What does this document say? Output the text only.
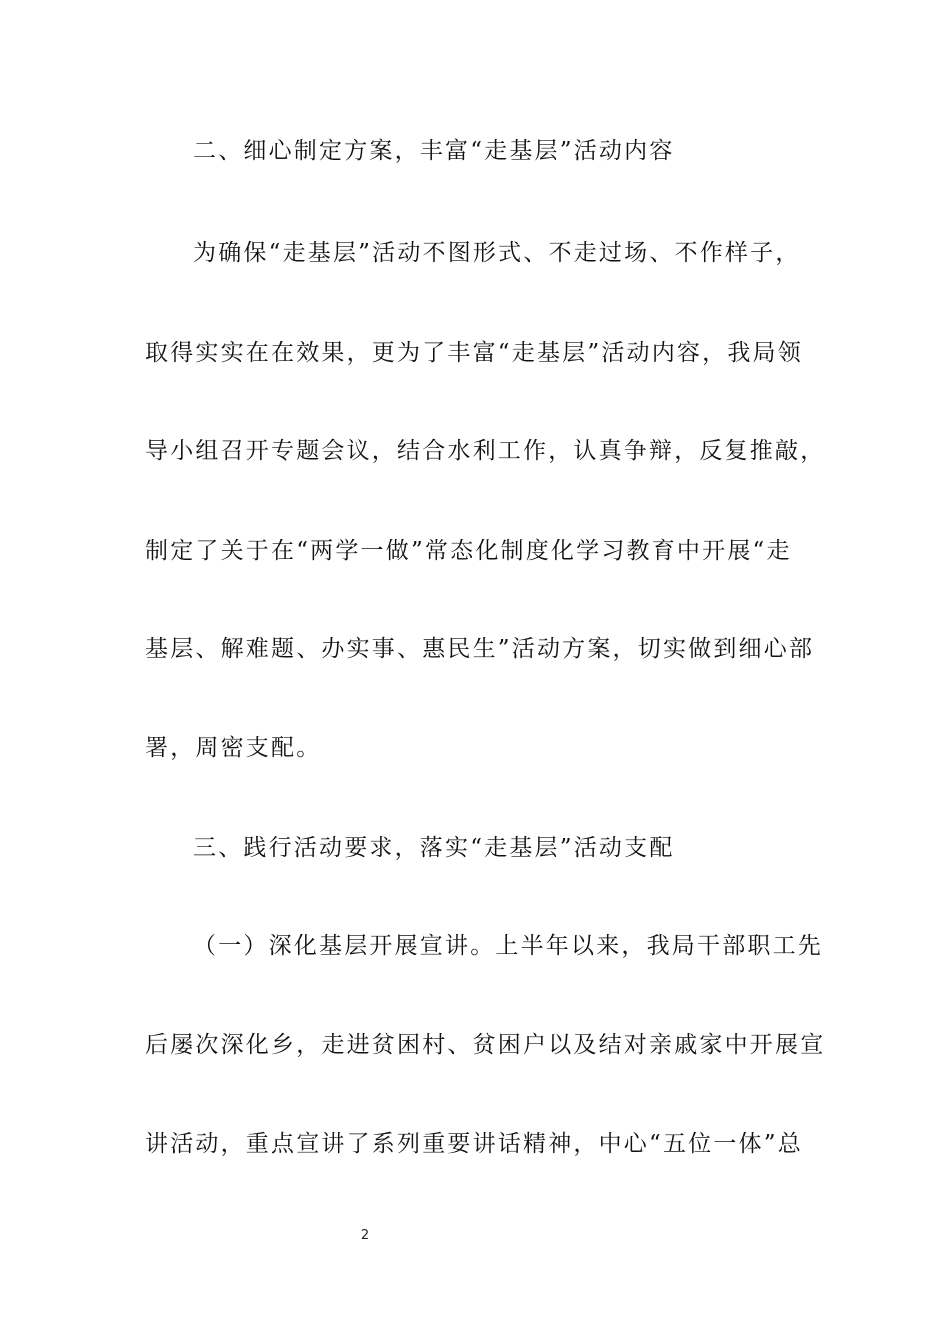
二、细心制定方案，丰富“走基层”活动内容
为确保“走基层”活动不图形式、不走过场、不作样子，
取得实实在在效果，更为了丰富“走基层”活动内容，我局领
导小组召开专题会议，结合水利工作，认真争辩，反复推敲，
制定了关于在“两学一做”常态化制度化学习教育中开展“走
基层、解难题、办实事、惠民生”活动方案，切实做到细心部
署，周密支配。
三、践行活动要求，落实“走基层”活动支配
（一）深化基层开展宣讲。上半年以来，我局干部职工先
后屡次深化乡，走进贫困村、贫困户以及结对亲戚家中开展宣
讲活动，重点宣讲了系列重要讲话精神，中心“五位一体”总
2
